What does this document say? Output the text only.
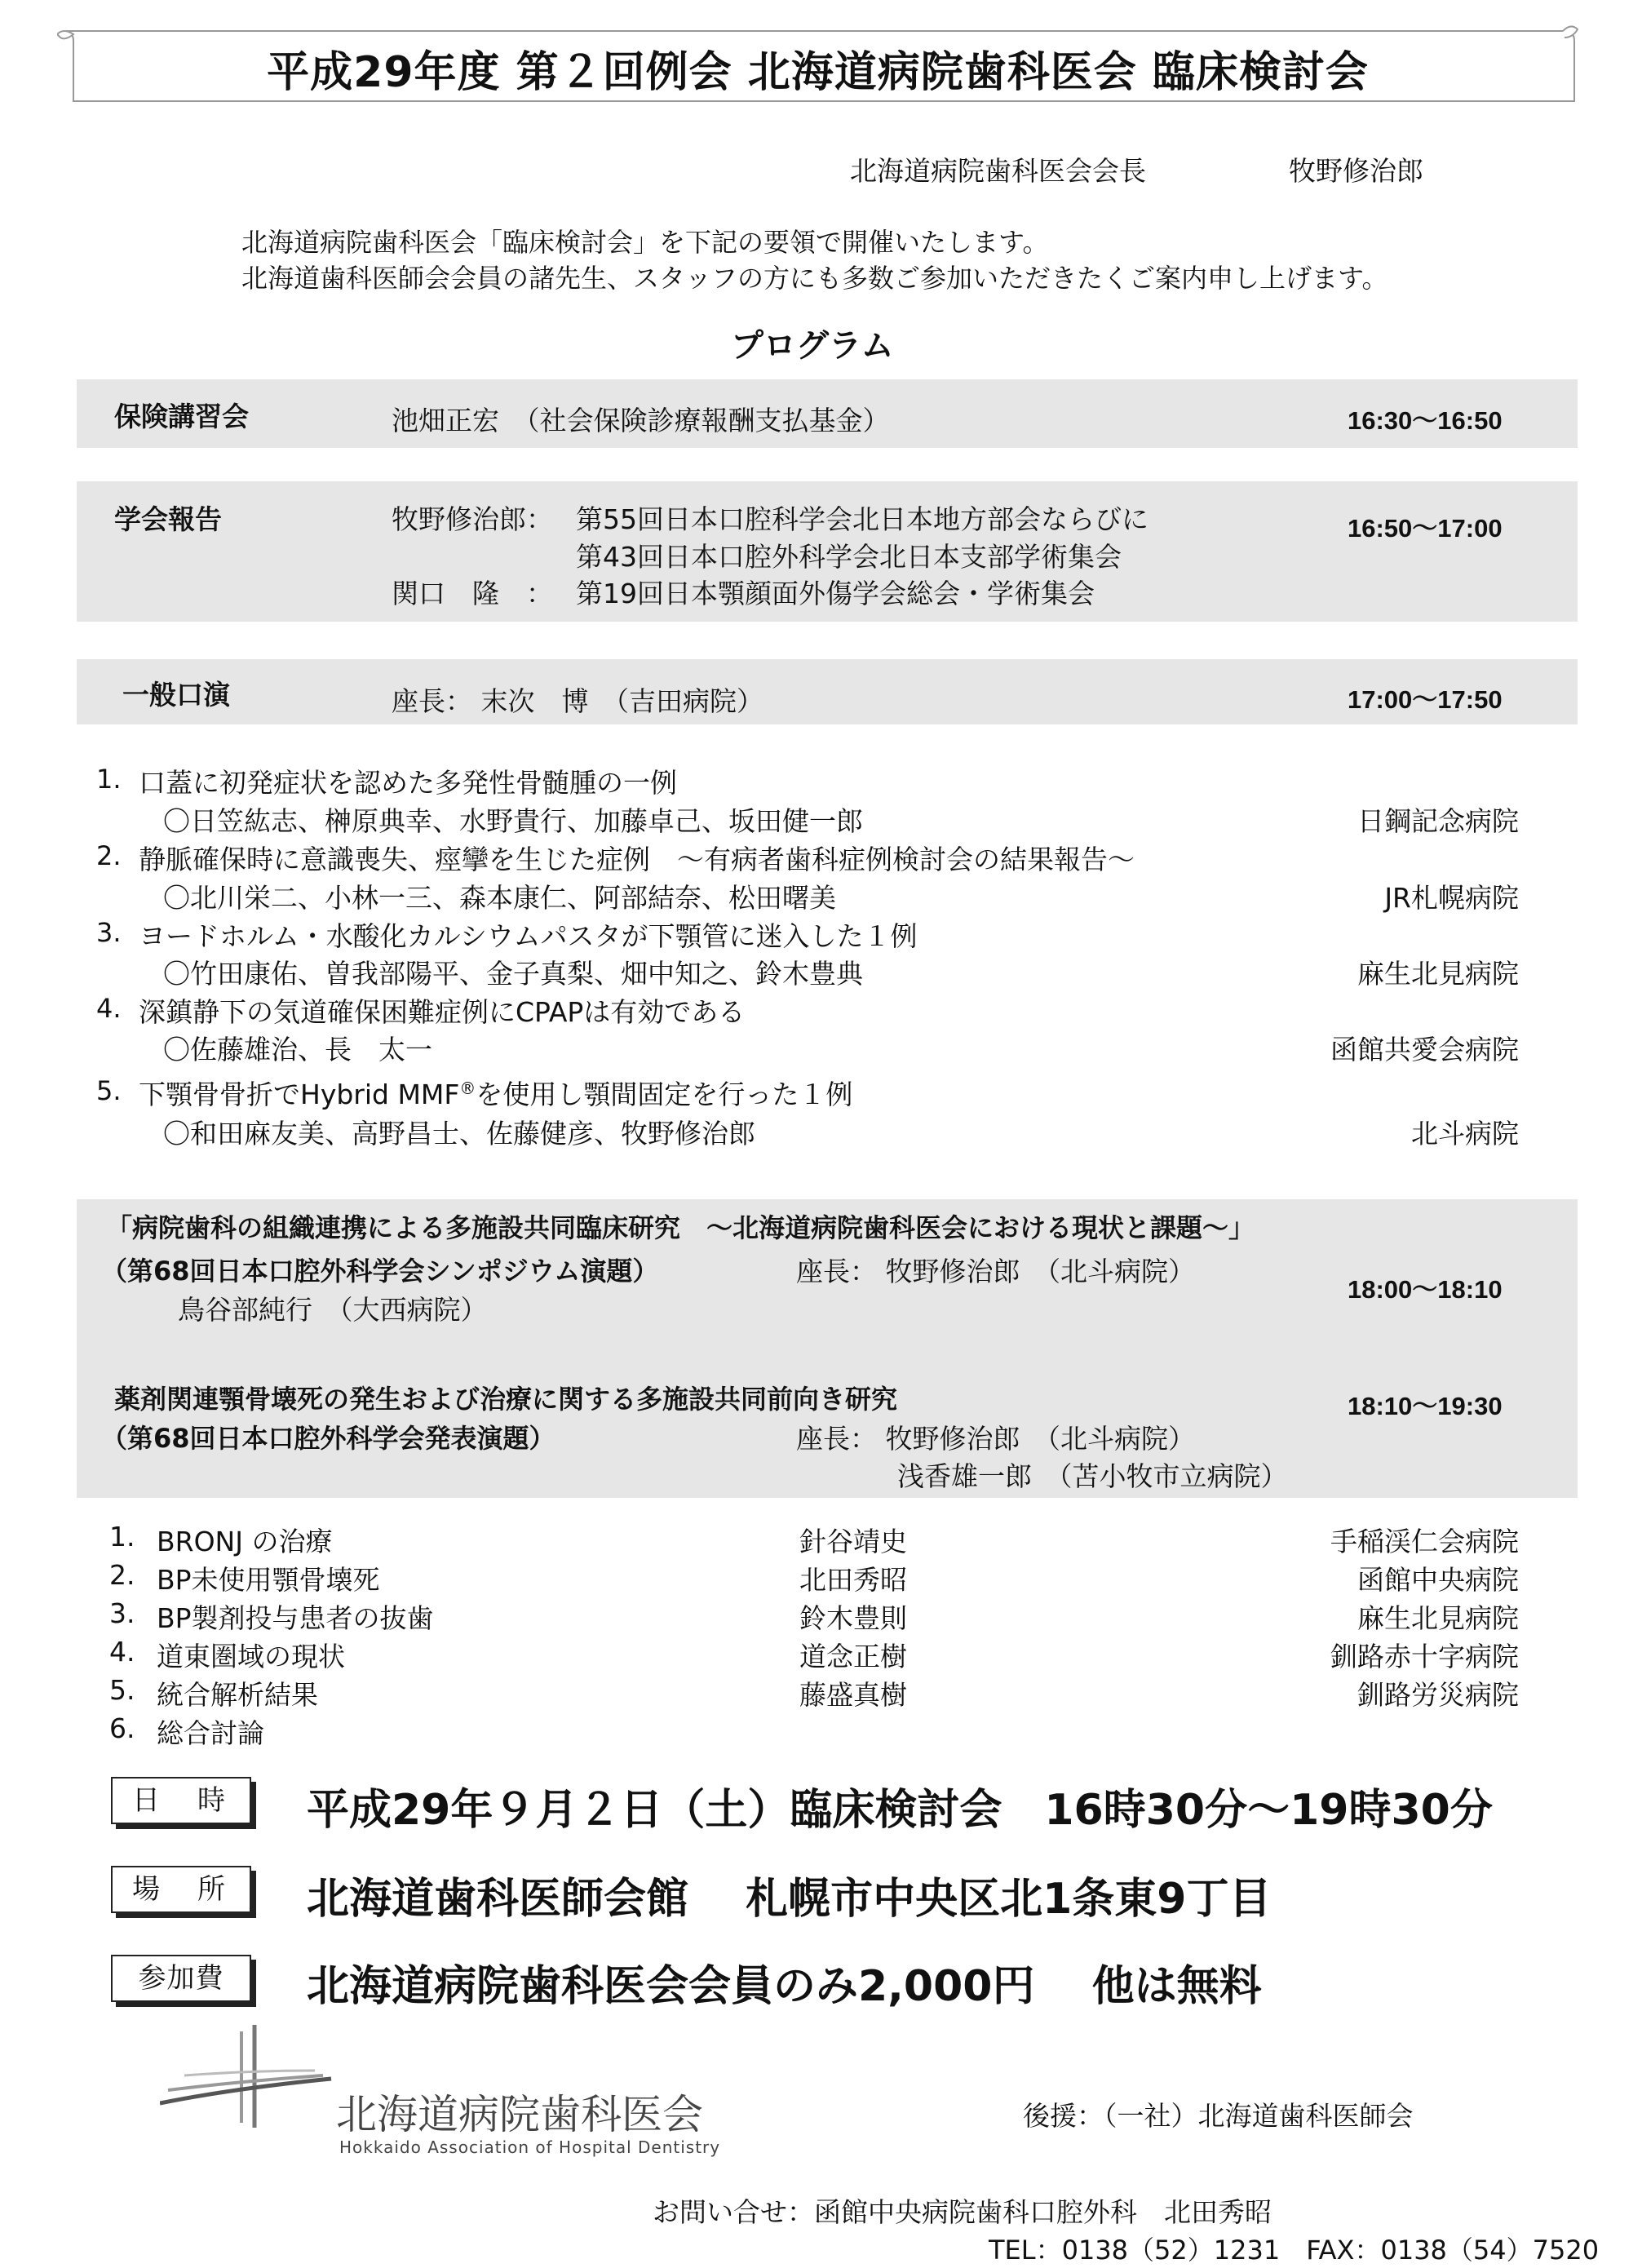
平成29年度 第２回例会 北海道病院歯科医会 臨床検討会
北海道病院歯科医会会長	牧野修治郎
北海道病院歯科医会「臨床検討会」を下記の要領で開催いたします。
北海道歯科医師会会員の諸先生、スタッフの方にも多数ご参加いただきたくご案内申し上げます。
プログラム
保険講習会	池畑正宏　（社会保険診療報酬支払基金）	16:30〜16:50
学会報告	牧野修治郎： 第55回日本口腔科学会北日本地方部会ならびに
第43回日本口腔外科学会北日本支部学術集会
関口　隆　： 第19回日本顎顔面外傷学会総会・学術集会
16:50〜17:00
一般口演	座長： 末次　博　（吉田病院）	17:00〜17:50
1. 口蓋に初発症状を認めた多発性骨髄腫の一例
〇日笠紘志、榊原典幸、水野貴行、加藤卓己、坂田健一郎	日鋼記念病院
2. 静脈確保時に意識喪失、痙攣を生じた症例　〜有病者歯科症例検討会の結果報告〜
〇北川栄二、小林一三、森本康仁、阿部結奈、松田曙美	JR札幌病院
3. ヨードホルム・水酸化カルシウムパスタが下顎管に迷入した１例
〇竹田康佑、曽我部陽平、金子真梨、畑中知之、鈴木豊典	麻生北見病院
4. 深鎮静下の気道確保困難症例にCPAPは有効である
〇佐藤雄治、長　太一	函館共愛会病院
5. 下顎骨骨折でHybrid MMF®を使用し顎間固定を行った１例
〇和田麻友美、高野昌士、佐藤健彦、牧野修治郎	北斗病院
「病院歯科の組織連携による多施設共同臨床研究　〜北海道病院歯科医会における現状と課題〜」
（第68回日本口腔外科学会シンポジウム演題）	座長： 牧野修治郎　（北斗病院）
鳥谷部純行　（大西病院）
18:00〜18:10
薬剤関連顎骨壊死の発生および治療に関する多施設共同前向き研究
（第68回日本口腔外科学会発表演題）	座長： 牧野修治郎　（北斗病院）
浅香雄一郎　（苫小牧市立病院）
18:10〜19:30
1. BRONJ の治療	針谷靖史	手稲渓仁会病院
2. BP未使用顎骨壊死	北田秀昭	函館中央病院
3. BP製剤投与患者の抜歯	鈴木豊則	麻生北見病院
4. 道東圏域の現状	道念正樹	釧路赤十字病院
5. 統合解析結果	藤盛真樹	釧路労災病院
6. 総合討論
日　時	平成29年９月２日（土）臨床検討会　16時30分〜19時30分
場　所	北海道歯科医師会館　 札幌市中央区北1条東9丁目
参加費	北海道病院歯科医会会員のみ2,000円　 他は無料
北海道病院歯科医会
Hokkaido Association of Hospital Dentistry
後援：（一社）北海道歯科医師会
お問い合せ：函館中央病院歯科口腔外科　北田秀昭
TEL：0138（52）1231　FAX：0138（54）7520
